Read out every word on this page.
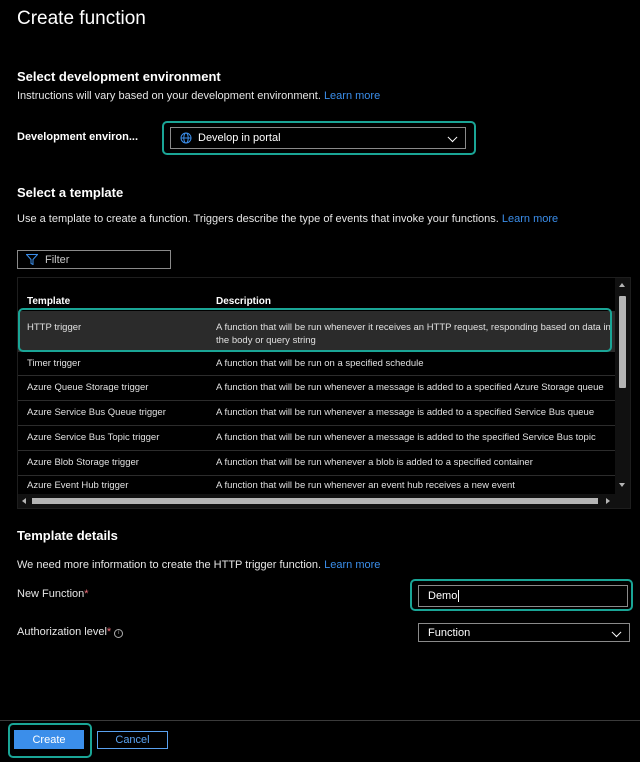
Create function
Select development environment
Instructions will vary based on your development environment. Learn more
Development environ...	Develop in portal
Select a template
Use a template to create a function. Triggers describe the type of events that invoke your functions. Learn more
Filter
Template	Description
HTTP trigger	A function that will be run whenever it receives an HTTP request, responding based on data in the body or query string
Timer trigger	A function that will be run on a specified schedule
Azure Queue Storage trigger	A function that will be run whenever a message is added to a specified Azure Storage queue
Azure Service Bus Queue trigger	A function that will be run whenever a message is added to a specified Service Bus queue
Azure Service Bus Topic trigger	A function that will be run whenever a message is added to the specified Service Bus topic
Azure Blob Storage trigger	A function that will be run whenever a blob is added to a specified container
Azure Event Hub trigger	A function that will be run whenever an event hub receives a new event
Template details
We need more information to create the HTTP trigger function. Learn more
New Function*	Demo
Authorization level* i	Function
Create	Cancel
